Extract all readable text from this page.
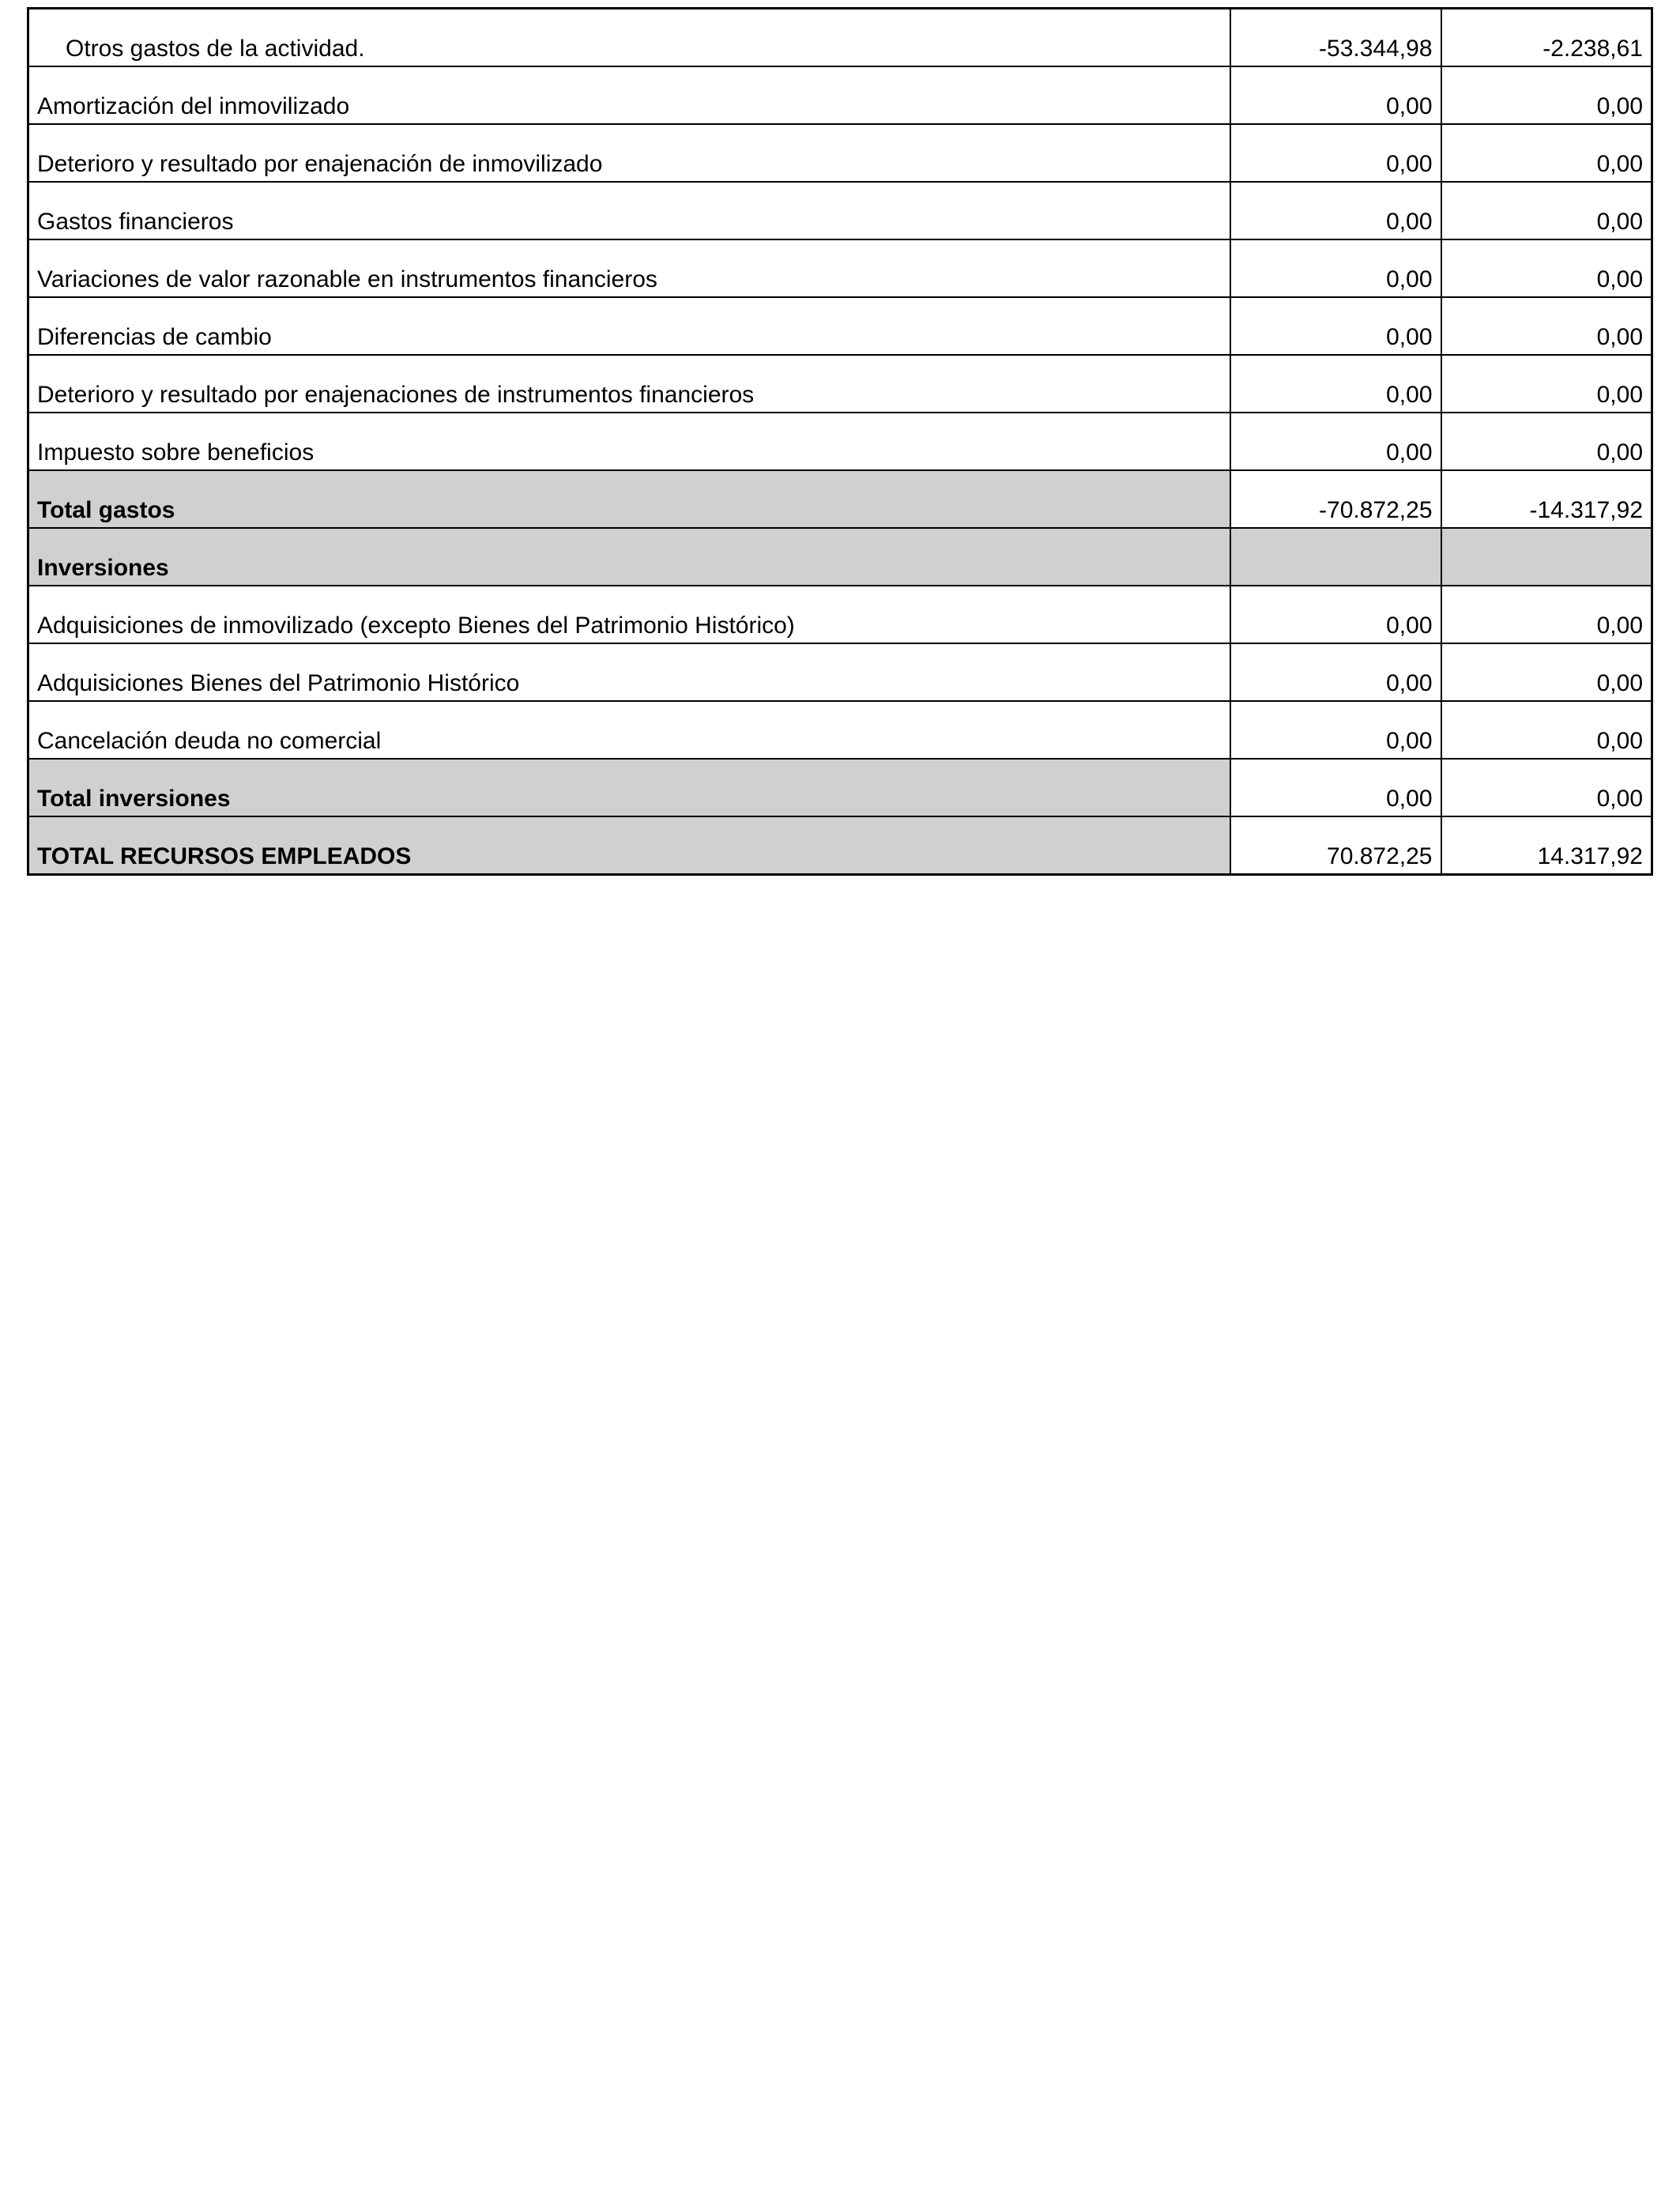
Otros gastos de la actividad.	-53.344,98	-2.238,61
Amortización del inmovilizado	0,00	0,00
Deterioro y resultado por enajenación de inmovilizado	0,00	0,00
Gastos financieros	0,00	0,00
Variaciones de valor razonable en instrumentos financieros	0,00	0,00
Diferencias de cambio	0,00	0,00
Deterioro y resultado por enajenaciones de instrumentos financieros	0,00	0,00
Impuesto sobre beneficios	0,00	0,00
Total gastos	-70.872,25	-14.317,92
Inversiones		
Adquisiciones de inmovilizado (excepto Bienes del Patrimonio Histórico)	0,00	0,00
Adquisiciones Bienes del Patrimonio Histórico	0,00	0,00
Cancelación deuda no comercial	0,00	0,00
Total inversiones	0,00	0,00
TOTAL RECURSOS EMPLEADOS	70.872,25	14.317,92
